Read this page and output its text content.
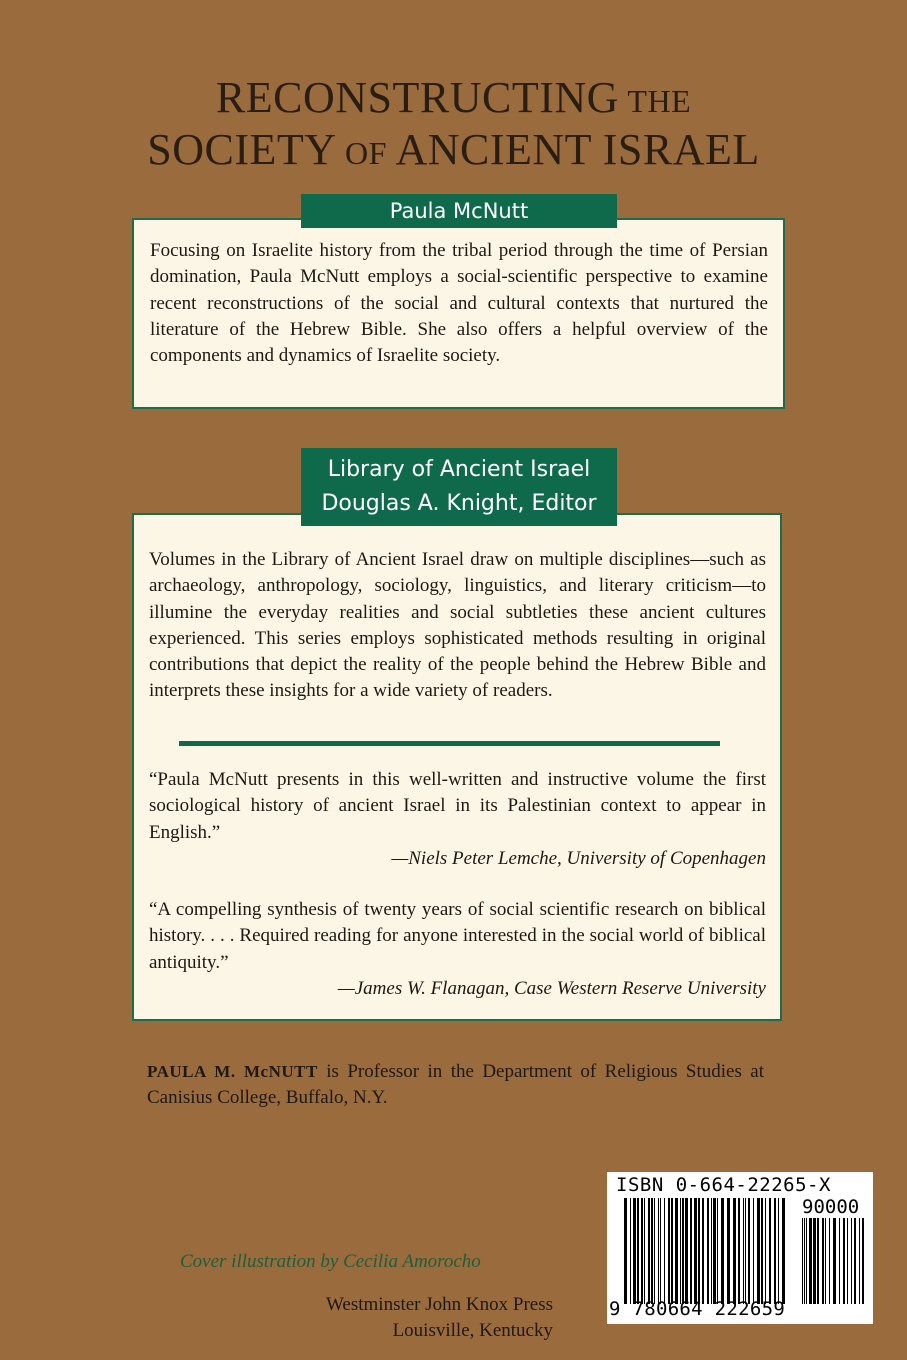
RECONSTRUCTING THE
SOCIETY OF ANCIENT ISRAEL

Focusing on Israelite history from the tribal period through the time of Persian domination, Paula McNutt employs a social-scientific perspective to examine recent reconstructions of the social and cultural contexts that nurtured the literature of the Hebrew Bible. She also offers a helpful overview of the components and dynamics of Israelite society.

Paula McNutt

Volumes in the Library of Ancient Israel draw on multiple disciplines—such as archaeology, anthropology, sociology, linguistics, and literary criticism—to illumine the everyday realities and social subtleties these ancient cultures experienced. This series employs sophisticated methods resulting in original contributions that depict the reality of the people behind the Hebrew Bible and interprets these insights for a wide variety of readers.

“Paula McNutt presents in this well-written and instructive volume the first sociological history of ancient Israel in its Palestinian context to appear in English.”

—Niels Peter Lemche, University of Copenhagen

“A compelling synthesis of twenty years of social scientific research on biblical history. . . . Required reading for anyone interested in the social world of biblical antiquity.”

—James W. Flanagan, Case Western Reserve University

Library of Ancient Israel
Douglas A. Knight, Editor

PAULA M. McNUTT is Professor in the Department of Religious Studies at Canisius College, Buffalo, N.Y.

Cover illustration by Cecilia Amorocho
Westminster John Knox Press
Louisville, Kentucky
ISBN 0-664-22265-X
90000
9 780664 222659
